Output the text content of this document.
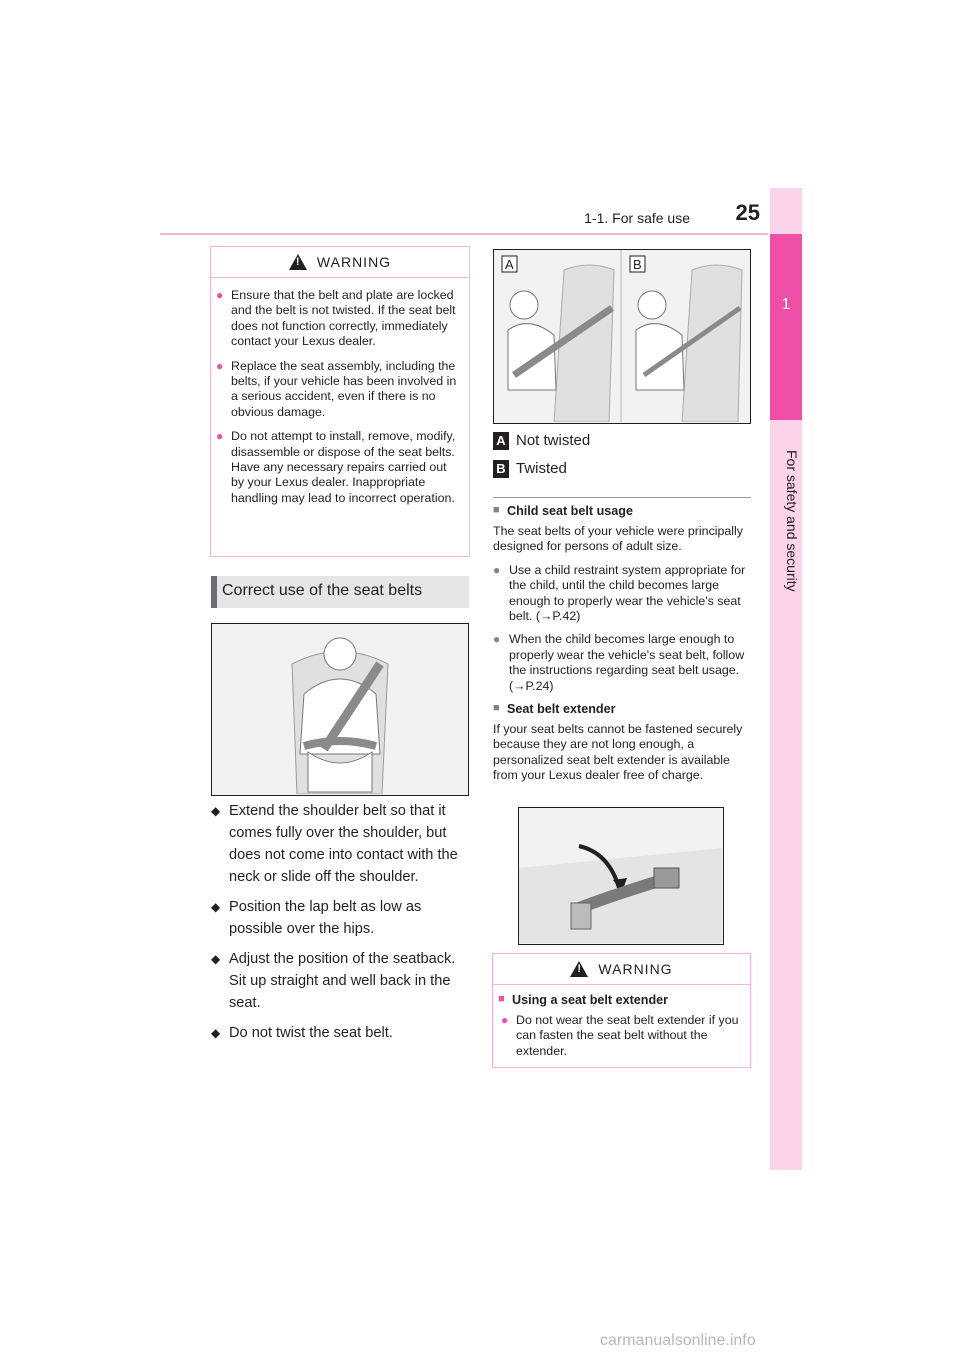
1-1. For safe use	25
1
For safety and security
!
WARNING
● Ensure that the belt and plate are locked and the belt is not twisted. If the seat belt does not function correctly, immediately contact your Lexus dealer.
● Replace the seat assembly, including the belts, if your vehicle has been involved in a serious accident, even if there is no obvious damage.
● Do not attempt to install, remove, modify, disassemble or dispose of the seat belts. Have any necessary repairs carried out by your Lexus dealer. Inappropriate handling may lead to incorrect operation.
Correct use of the seat belts
◆ Extend the shoulder belt so that it comes fully over the shoulder, but does not come into contact with the neck or slide off the shoulder.
◆ Position the lap belt as low as possible over the hips.
◆ Adjust the position of the seatback. Sit up straight and well back in the seat.
◆ Do not twist the seat belt.
A	B
A Not twisted
B Twisted
■ Child seat belt usage
The seat belts of your vehicle were principally designed for persons of adult size.
● Use a child restraint system appropriate for the child, until the child becomes large enough to properly wear the vehicle's seat belt. (→P.42)
● When the child becomes large enough to properly wear the vehicle's seat belt, follow the instructions regarding seat belt usage. (→P.24)
■ Seat belt extender
If your seat belts cannot be fastened securely because they are not long enough, a personalized seat belt extender is available from your Lexus dealer free of charge.
!
WARNING
■ Using a seat belt extender
● Do not wear the seat belt extender if you can fasten the seat belt without the extender.
carmanualsonline.info
